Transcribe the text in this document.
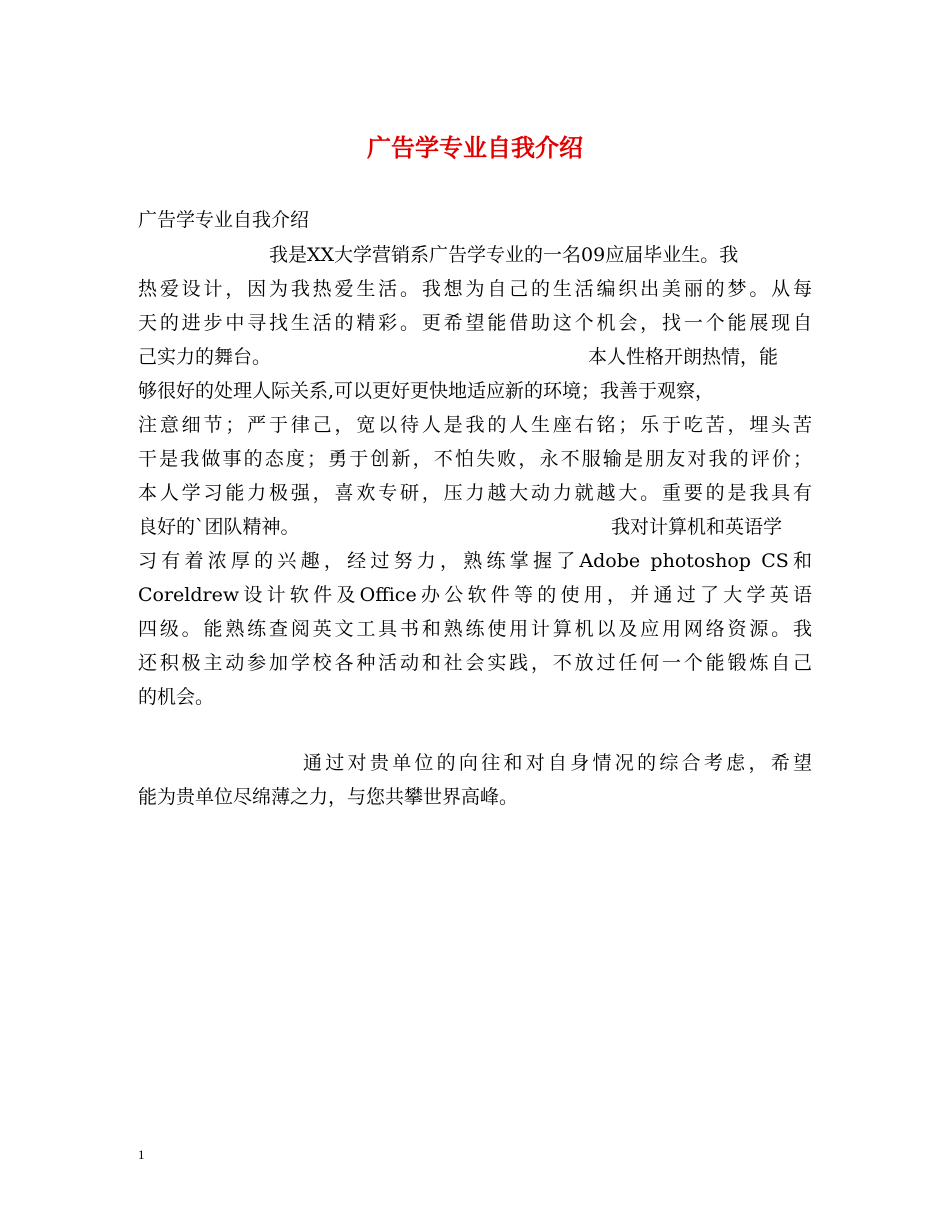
广告学专业自我介绍
广告学专业自我介绍
我是XX大学营销系广告学专业的一名09应届毕业生。我
热爱设计，因为我热爱生活。我想为自己的生活编织出美丽的梦。从每
天的进步中寻找生活的精彩。更希望能借助这个机会，找一个能展现自
己实力的舞台。	本人性格开朗热情，能
够很好的处理人际关系,可以更好更快地适应新的环境；我善于观察，
注意细节；严于律己，宽以待人是我的人生座右铭；乐于吃苦，埋头苦
干是我做事的态度；勇于创新，不怕失败，永不服输是朋友对我的评价；
本人学习能力极强，喜欢专研，压力越大动力就越大。重要的是我具有
良好的`团队精神。	我对计算机和英语学
习有着浓厚的兴趣，经过努力，熟练掌握了Adobe photoshop CS和
Coreldrew设计软件及Office办公软件等的使用，并通过了大学英语
四级。能熟练查阅英文工具书和熟练使用计算机以及应用网络资源。我
还积极主动参加学校各种活动和社会实践，不放过任何一个能锻炼自己
的机会。
通过对贵单位的向往和对自身情况的综合考虑，希望
能为贵单位尽绵薄之力，与您共攀世界高峰。
1
